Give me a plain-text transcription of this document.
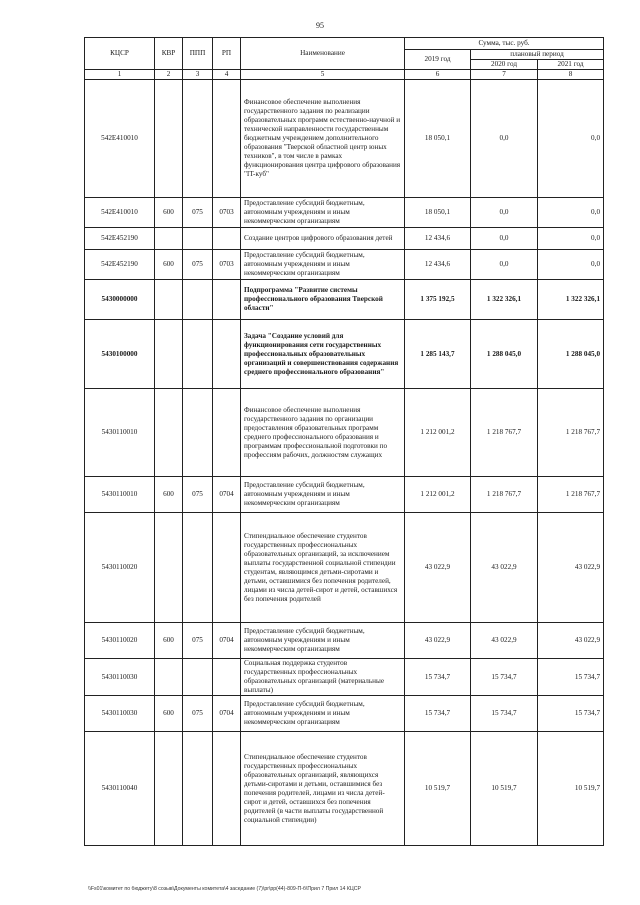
95
КЦСР	КВР	ППП	РП	Наименование	Сумма, тыс. руб.		
					2019 год	плановый период	
						2020 год	2021 год
1	2	3	4	5	6	7	8
542E410010				Финансовое обеспечение выполнения государственного задания по реализации образовательных программ естественно-научной и технической направленности государственным бюджетным учреждением дополнительного образования "Тверской областной центр юных техников", в том числе в рамках функционирования центра цифрового образования "IT-куб"	18 050,1	0,0	0,0
542E410010	600	075	0703	Предоставление субсидий бюджетным, автономным учреждениям и иным некоммерческим организациям	18 050,1	0,0	0,0
542E452190				Создание центров цифрового образования детей	12 434,6	0,0	0,0
542E452190	600	075	0703	Предоставление субсидий бюджетным, автономным учреждениям и иным некоммерческим организациям	12 434,6	0,0	0,0
5430000000				Подпрограмма "Развитие системы профессионального образования Тверской области"	1 375 192,5	1 322 326,1	1 322 326,1
5430100000				Задача "Создание условий для функционирования сети государственных профессиональных образовательных организаций и совершенствования содержания среднего профессионального образования"	1 285 143,7	1 288 045,0	1 288 045,0
5430110010				Финансовое обеспечение выполнения государственного задания по организации предоставления образовательных программ среднего профессионального образования и программам профессиональной подготовки по профессиям рабочих, должностям служащих	1 212 001,2	1 218 767,7	1 218 767,7
5430110010	600	075	0704	Предоставление субсидий бюджетным, автономным учреждениям и иным некоммерческим организациям	1 212 001,2	1 218 767,7	1 218 767,7
5430110020				Стипендиальное обеспечение студентов государственных профессиональных образовательных организаций, за исключением выплаты государственной социальной стипендии студентам, являющимся детьми-сиротами и детьми, оставшимися без попечения родителей, лицами из числа детей-сирот и детей, оставшихся без попечения родителей	43 022,9	43 022,9	43 022,9
5430110020	600	075	0704	Предоставление субсидий бюджетным, автономным учреждениям и иным некоммерческим организациям	43 022,9	43 022,9	43 022,9
5430110030				Социальная поддержка студентов государственных профессиональных образовательных организаций (материальные выплаты)	15 734,7	15 734,7	15 734,7
5430110030	600	075	0704	Предоставление субсидий бюджетным, автономным учреждениям и иным некоммерческим организациям	15 734,7	15 734,7	15 734,7
5430110040				Стипендиальное обеспечение студентов государственных профессиональных образовательных организаций, являющихся детьми-сиротами и детьми, оставшимися без попечения родителей, лицами из числа детей-сирот и детей, оставшихся без попечения родителей (в части выплаты государственной социальной стипендии)	10 519,7	10 519,7	10 519,7
\\Fs01\комитет по бюджету\8 созыв\Документы комитета\4 заседание (7)\pr\рр(44)-809-П-б\Прил 7 Прил 14 КЦСР
